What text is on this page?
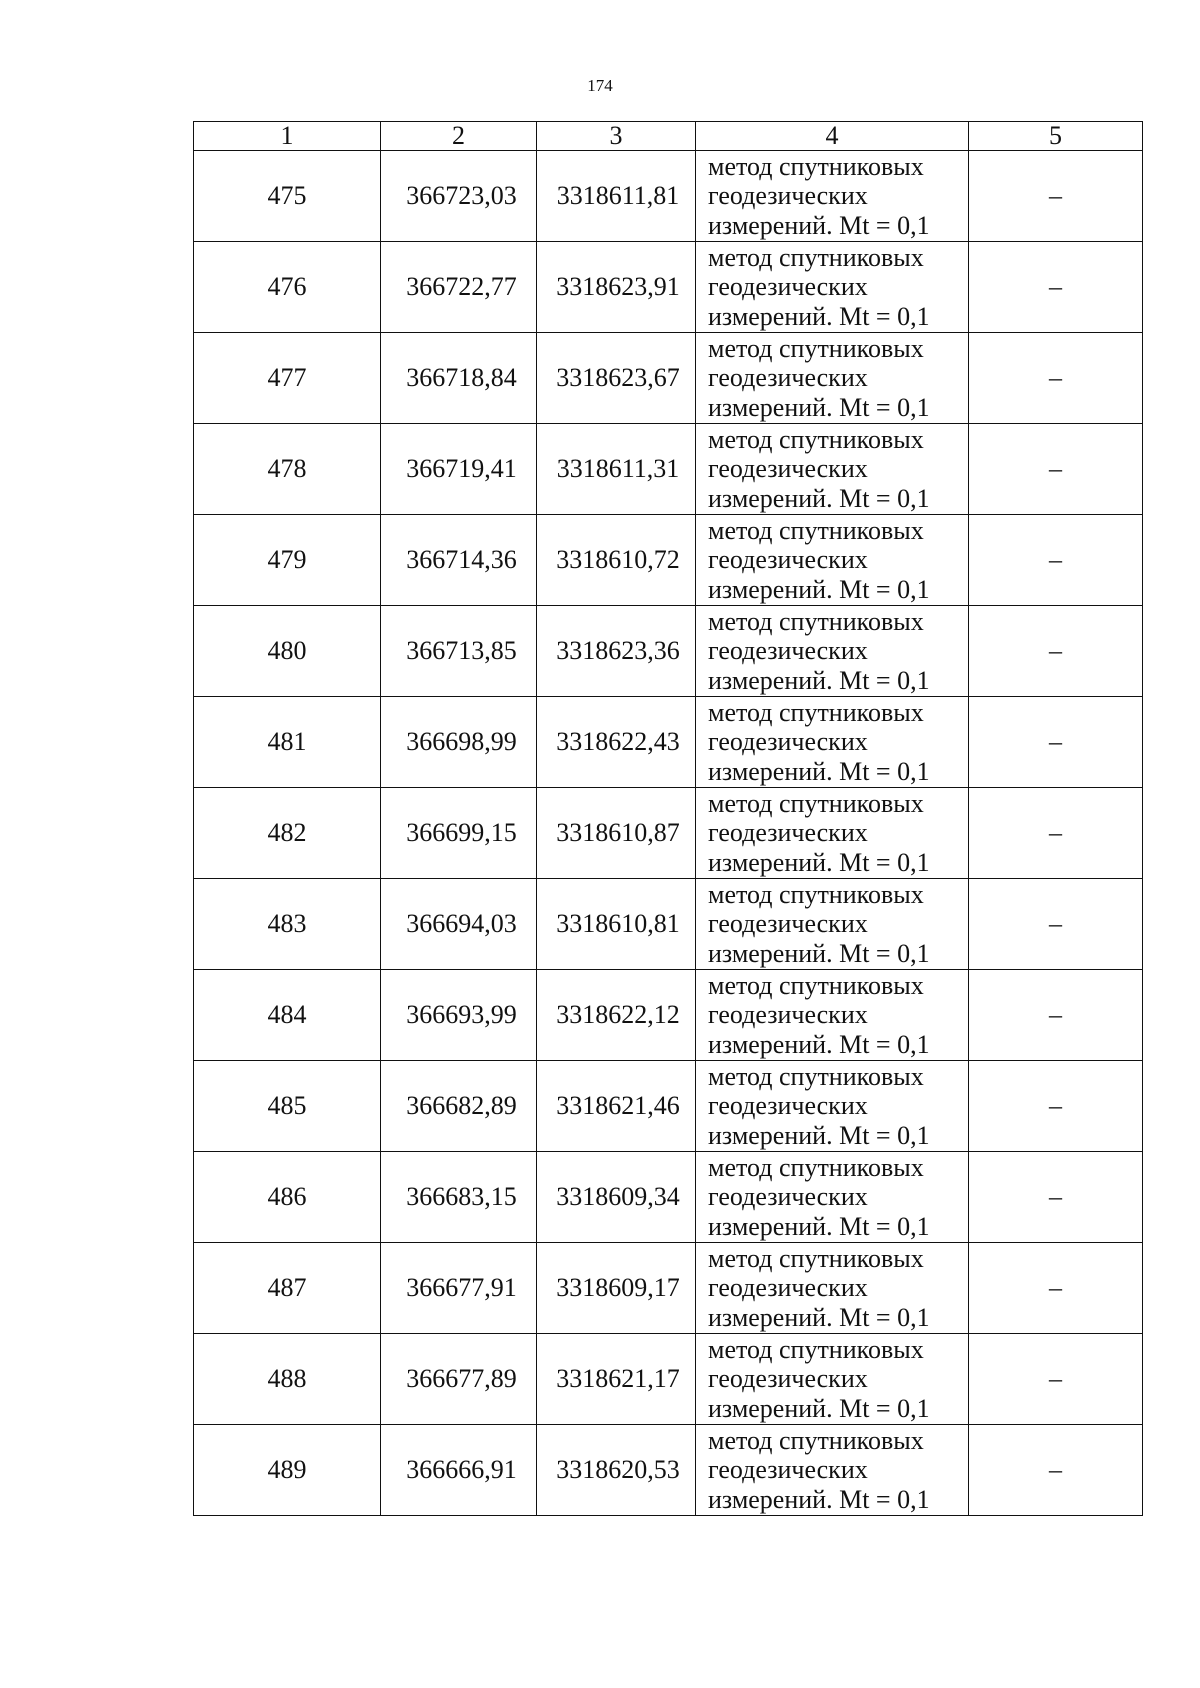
174
1	2	3	4	5
475	366723,03	3318611,81	метод спутниковых
геодезических
измерений. Mt = 0,1	–
476	366722,77	3318623,91	метод спутниковых
геодезических
измерений. Mt = 0,1	–
477	366718,84	3318623,67	метод спутниковых
геодезических
измерений. Mt = 0,1	–
478	366719,41	3318611,31	метод спутниковых
геодезических
измерений. Mt = 0,1	–
479	366714,36	3318610,72	метод спутниковых
геодезических
измерений. Mt = 0,1	–
480	366713,85	3318623,36	метод спутниковых
геодезических
измерений. Mt = 0,1	–
481	366698,99	3318622,43	метод спутниковых
геодезических
измерений. Mt = 0,1	–
482	366699,15	3318610,87	метод спутниковых
геодезических
измерений. Mt = 0,1	–
483	366694,03	3318610,81	метод спутниковых
геодезических
измерений. Mt = 0,1	–
484	366693,99	3318622,12	метод спутниковых
геодезических
измерений. Mt = 0,1	–
485	366682,89	3318621,46	метод спутниковых
геодезических
измерений. Mt = 0,1	–
486	366683,15	3318609,34	метод спутниковых
геодезических
измерений. Mt = 0,1	–
487	366677,91	3318609,17	метод спутниковых
геодезических
измерений. Mt = 0,1	–
488	366677,89	3318621,17	метод спутниковых
геодезических
измерений. Mt = 0,1	–
489	366666,91	3318620,53	метод спутниковых
геодезических
измерений. Mt = 0,1	–
